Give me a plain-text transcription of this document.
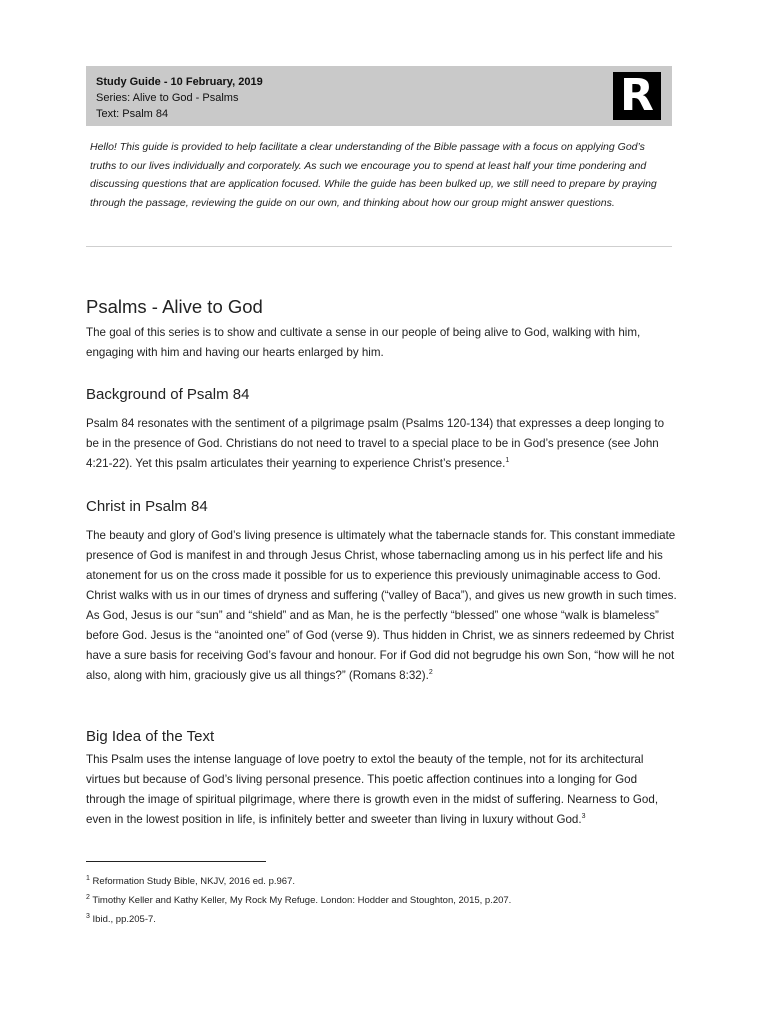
Study Guide - 10 February, 2019
Series: Alive to God - Psalms
Text: Psalm 84	R
Hello! This guide is provided to help facilitate a clear understanding of the Bible passage with a focus on applying God’s truths to our lives individually and corporately. As such we encourage you to spend at least half your time pondering and discussing questions that are application focused. While the guide has been bulked up, we still need to prepare by praying through the passage, reviewing the guide on our own, and thinking about how our group might answer questions.
Psalms - Alive to God
The goal of this series is to show and cultivate a sense in our people of being alive to God, walking with him, engaging with him and having our hearts enlarged by him.
Background of Psalm 84
Psalm 84 resonates with the sentiment of a pilgrimage psalm (Psalms 120-134) that expresses a deep longing to be in the presence of God. Christians do not need to travel to a special place to be in God’s presence (see John 4:21-22). Yet this psalm articulates their yearning to experience Christ’s presence.$^1$
Christ in Psalm 84
The beauty and glory of God’s living presence is ultimately what the tabernacle stands for. This constant immediate presence of God is manifest in and through Jesus Christ, whose tabernacling among us in his perfect life and his atonement for us on the cross made it possible for us to experience this previously unimaginable access to God. Christ walks with us in our times of dryness and suffering (“valley of Baca”), and gives us new growth in such times. As God, Jesus is our “sun” and “shield” and as Man, he is the perfectly “blessed” one whose “walk is blameless” before God. Jesus is the “anointed one” of God (verse 9). Thus hidden in Christ, we as sinners redeemed by Christ have a sure basis for receiving God’s favour and honour. For if God did not begrudge his own Son, “how will he not also, along with him, graciously give us all things?” (Romans 8:32).$^2$
Big Idea of the Text
This Psalm uses the intense language of love poetry to extol the beauty of the temple, not for its architectural virtues but because of God’s living personal presence. This poetic affection continues into a longing for God through the image of spiritual pilgrimage, where there is growth even in the midst of suffering. Nearness to God, even in the lowest position in life, is infinitely better and sweeter than living in luxury without God.$^3$
$^1$ Reformation Study Bible, NKJV, 2016 ed. p.967.
$^2$ Timothy Keller and Kathy Keller, My Rock My Refuge. London: Hodder and Stoughton, 2015, p.207.
$^3$ Ibid., pp.205-7.
